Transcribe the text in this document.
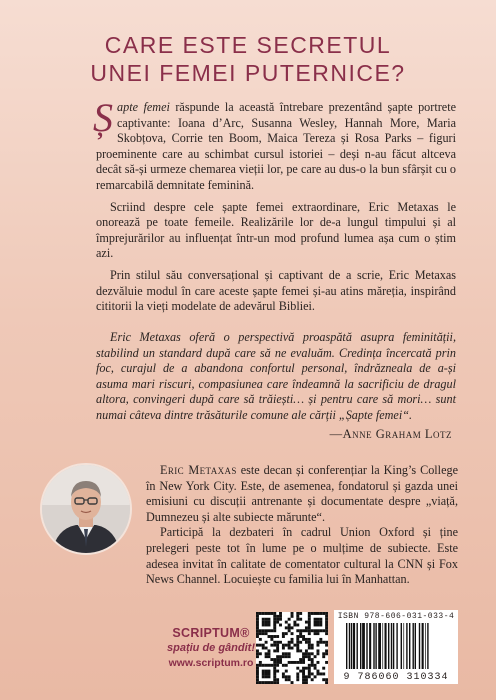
CARE ESTE SECRETUL
UNEI FEMEI PUTERNICE?

Șapte femei răspunde la această întrebare prezentând șapte portrete captivante: Ioana d’Arc, Susanna Wesley, Hannah More, Maria Skobțova, Corrie ten Boom, Maica Tereza și Rosa Parks – figuri proeminente care au schimbat cursul istoriei – deși n-au făcut altceva decât să-și urmeze chemarea vieții lor, pe care au dus-o la bun sfârșit cu o remarcabilă demnitate feminină.

Scriind despre cele șapte femei extraordinare, Eric Metaxas le onorează pe toate femeile. Realizările lor de-a lungul timpului și al împrejurărilor au influențat într-un mod profund lumea așa cum o știm azi.

Prin stilul său conversațional și captivant de a scrie, Eric Metaxas dezvăluie modul în care aceste șapte femei și-au atins măreția, inspirând cititorii la vieți modelate de adevărul Bibliei.

Eric Metaxas oferă o perspectivă proaspătă asupra feminității, stabilind un standard după care să ne evaluăm. Credința încercată prin foc, curajul de a abandona confortul personal, îndrăzneala de a-și asuma mari riscuri, compasiunea care îndeamnă la sacrificiu de dragul altora, convingeri după care să trăiești… și pentru care să mori… sunt numai câteva dintre trăsăturile comune ale cărții „Șapte femei“.

—Anne Graham Lotz

Eric Metaxas este decan și conferențiar la King’s College în New York City. Este, de asemenea, fondatorul și gazda unei emisiuni cu discuții antrenante și documentate despre „viață, Dumnezeu și alte subiecte mărunte“.

Participă la dezbateri în cadrul Union Oxford și ține prelegeri peste tot în lume pe o mulțime de subiecte. Este adesea invitat în calitate de comentator cultural la CNN și Fox News Channel. Locuiește cu familia lui în Manhattan.

SCRIPTUM®
spațiu de gândit!
www.scriptum.ro
ISBN 978-606-031-033-4
9 786060 310334
